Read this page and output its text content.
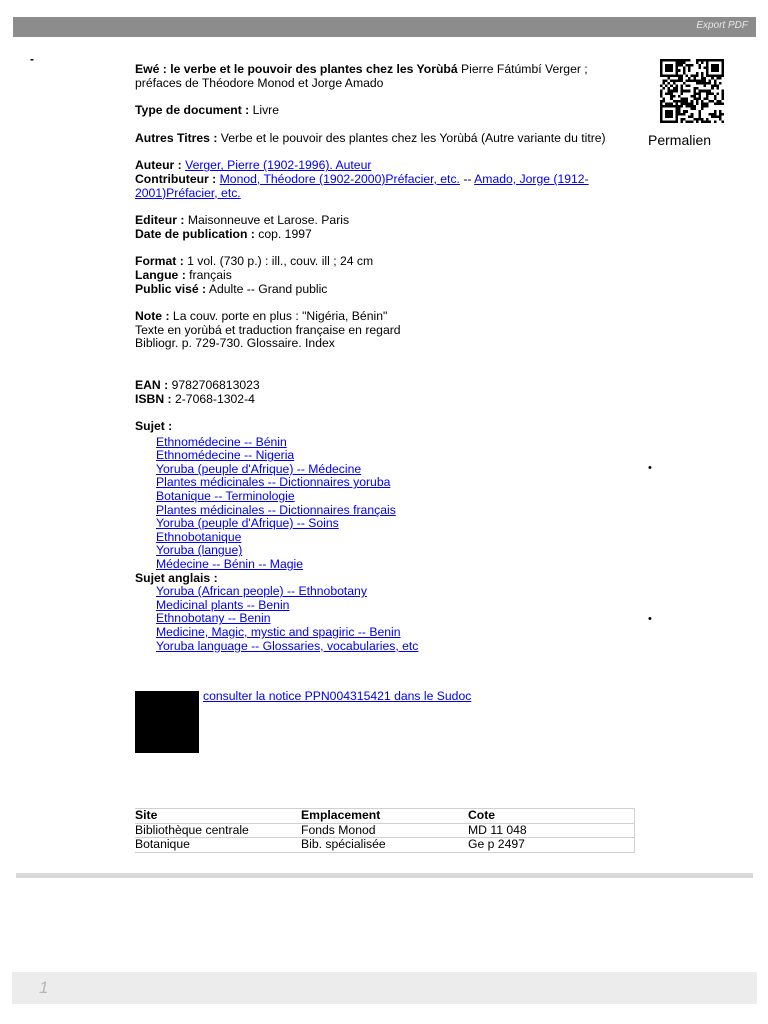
Export PDF
-

Ewé : le verbe et le pouvoir des plantes chez les Yorùbá Pierre Fátúmbí Verger ; préfaces de Théodore Monod et Jorge Amado

Type de document : Livre

Autres Titres : Verbe et le pouvoir des plantes chez les Yorùbá (Autre variante du titre)

Auteur : Verger, Pierre (1902-1996). Auteur

Contributeur : Monod, Théodore (1902-2000)Préfacier, etc. -- Amado, Jorge (1912-2001)Préfacier, etc.

Editeur : Maisonneuve et Larose. Paris

Date de publication : cop. 1997

Format : 1 vol. (730 p.) : ill., couv. ill ; 24 cm

Langue : français

Public visé : Adulte -- Grand public

Note : La couv. porte en plus : "Nigéria, Bénin"

Texte en yorùbá et traduction française en regard

Bibliogr. p. 729-730. Glossaire. Index

EAN : 9782706813023

ISBN : 2-7068-1302-4

Sujet :

Ethnomédecine -- Bénin
Ethnomédecine -- Nigeria
Yoruba (peuple d'Afrique) -- Médecine
Plantes médicinales -- Dictionnaires yoruba
Botanique -- Terminologie
Plantes médicinales -- Dictionnaires français
Yoruba (peuple d'Afrique) -- Soins
Ethnobotanique
Yoruba (langue)
Médecine -- Bénin -- Magie

Sujet anglais :

Yoruba (African people) -- Ethnobotany
Medicinal plants -- Benin
Ethnobotany -- Benin
Medicine, Magic, mystic and spagiric -- Benin
Yoruba language -- Glossaries, vocabularies, etc
Permalien
•
•
consulter la notice PPN004315421 dans le Sudoc
Site	Emplacement	Cote
Bibliothèque centrale	Fonds Monod	MD 11 048
Botanique	Bib. spécialisée	Ge p 2497
1
